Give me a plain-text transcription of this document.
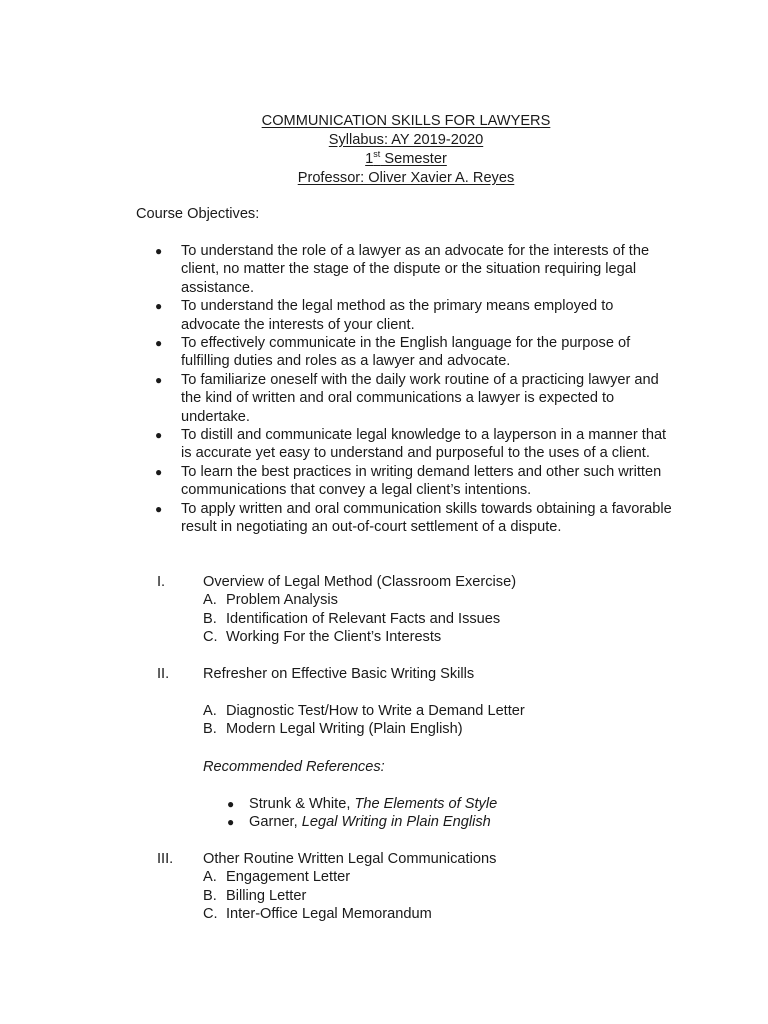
COMMUNICATION SKILLS FOR LAWYERS
Syllabus: AY 2019-2020
1st Semester
Professor: Oliver Xavier A. Reyes
Course Objectives:
● To understand the role of a lawyer as an advocate for the interests of the client, no matter the stage of the dispute or the situation requiring legal assistance.
● To understand the legal method as the primary means employed to advocate the interests of your client.
● To effectively communicate in the English language for the purpose of fulfilling duties and roles as a lawyer and advocate.
● To familiarize oneself with the daily work routine of a practicing lawyer and the kind of written and oral communications a lawyer is expected to undertake.
● To distill and communicate legal knowledge to a layperson in a manner that is accurate yet easy to understand and purposeful to the uses of a client.
● To learn the best practices in writing demand letters and other such written communications that convey a legal client’s intentions.
● To apply written and oral communication skills towards obtaining a favorable result in negotiating an out-of-court settlement of a dispute.
I.	Overview of Legal Method (Classroom Exercise)
A. Problem Analysis
B. Identification of Relevant Facts and Issues
C. Working For the Client’s Interests
II. Refresher on Effective Basic Writing Skills
A. Diagnostic Test/How to Write a Demand Letter
B. Modern Legal Writing (Plain English)
Recommended References:
● Strunk & White, The Elements of Style
● Garner, Legal Writing in Plain English
III. Other Routine Written Legal Communications
A. Engagement Letter
B. Billing Letter
C. Inter-Office Legal Memorandum
